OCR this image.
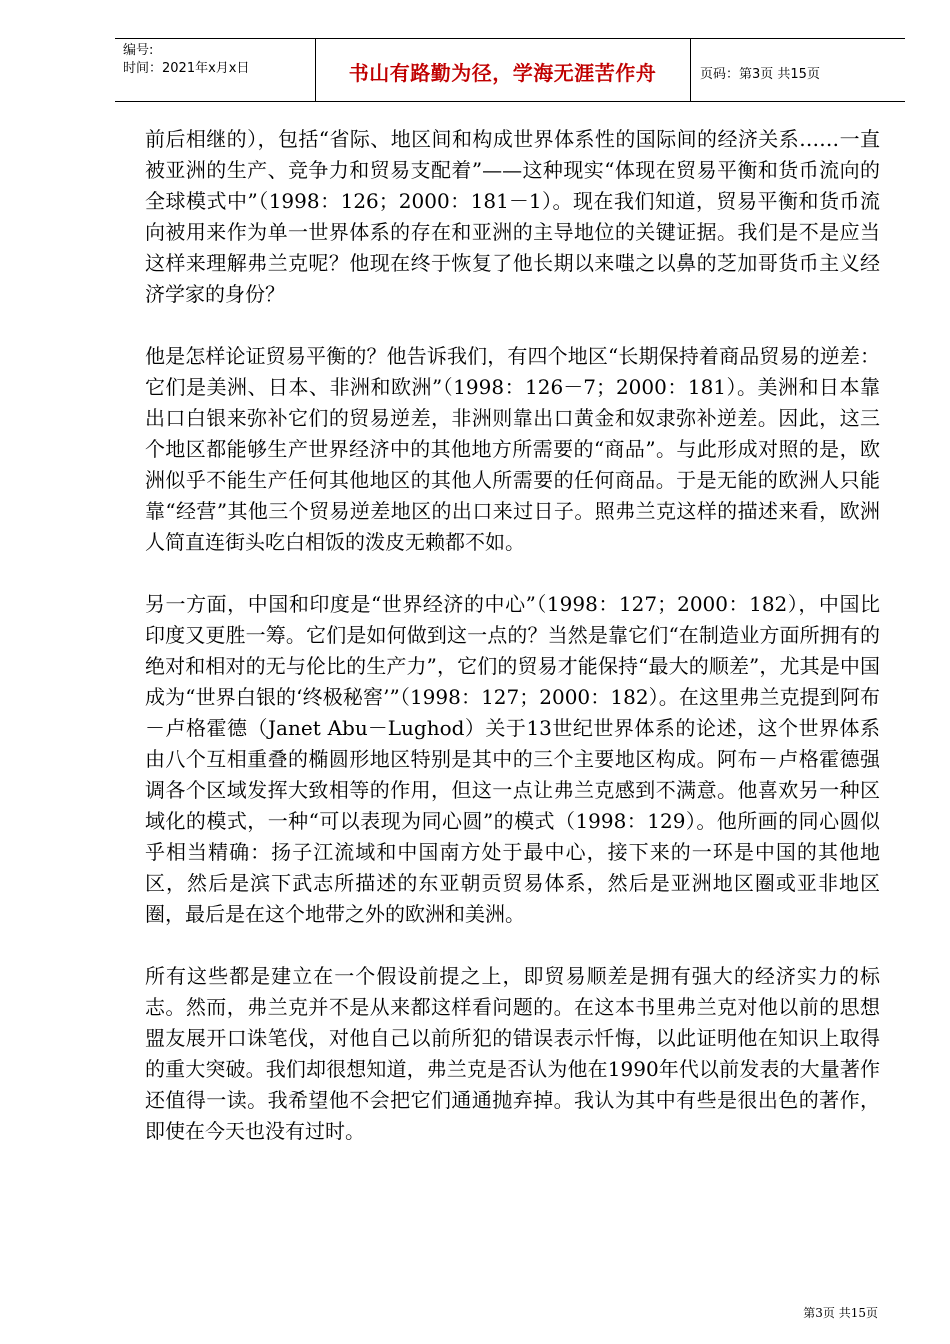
编号:
时间：2021年x月x日	书山有路勤为径，学海无涯苦作舟	页码：第3页 共15页

前后相继的），包括“省际、地区间和构成世界体系性的国际间的经济关系……一直被亚洲的生产、竞争力和贸易支配着”——这种现实“体现在贸易平衡和货币流向的全球模式中”（1998：126；2000：181－1）。现在我们知道，贸易平衡和货币流向被用来作为单一世界体系的存在和亚洲的主导地位的关键证据。我们是不是应当这样来理解弗兰克呢？他现在终于恢复了他长期以来嗤之以鼻的芝加哥货币主义经济学家的身份？

他是怎样论证贸易平衡的？他告诉我们，有四个地区“长期保持着商品贸易的逆差：它们是美洲、日本、非洲和欧洲”（1998：126－7；2000：181）。美洲和日本靠出口白银来弥补它们的贸易逆差，非洲则靠出口黄金和奴隶弥补逆差。因此，这三个地区都能够生产世界经济中的其他地方所需要的“商品”。与此形成对照的是，欧洲似乎不能生产任何其他地区的其他人所需要的任何商品。于是无能的欧洲人只能靠“经营”其他三个贸易逆差地区的出口来过日子。照弗兰克这样的描述来看，欧洲人简直连街头吃白相饭的泼皮无赖都不如。

另一方面，中国和印度是“世界经济的中心”（1998：127；2000：182），中国比印度又更胜一筹。它们是如何做到这一点的？当然是靠它们“在制造业方面所拥有的绝对和相对的无与伦比的生产力”，它们的贸易才能保持“最大的顺差”，尤其是中国成为“世界白银的‘终极秘窖’”（1998：127；2000：182）。在这里弗兰克提到阿布－卢格霍德（Janet Abu－Lughod）关于13世纪世界体系的论述，这个世界体系由八个互相重叠的椭圆形地区特别是其中的三个主要地区构成。阿布－卢格霍德强调各个区域发挥大致相等的作用，但这一点让弗兰克感到不满意。他喜欢另一种区域化的模式，一种“可以表现为同心圆”的模式（1998：129）。他所画的同心圆似乎相当精确：扬子江流域和中国南方处于最中心，接下来的一环是中国的其他地区，然后是滨下武志所描述的东亚朝贡贸易体系，然后是亚洲地区圈或亚非地区圈，最后是在这个地带之外的欧洲和美洲。

所有这些都是建立在一个假设前提之上，即贸易顺差是拥有强大的经济实力的标志。然而，弗兰克并不是从来都这样看问题的。在这本书里弗兰克对他以前的思想盟友展开口诛笔伐，对他自己以前所犯的错误表示忏悔，以此证明他在知识上取得的重大突破。我们却很想知道，弗兰克是否认为他在1990年代以前发表的大量著作还值得一读。我希望他不会把它们通通抛弃掉。我认为其中有些是很出色的著作，即使在今天也没有过时。

第3页 共15页
